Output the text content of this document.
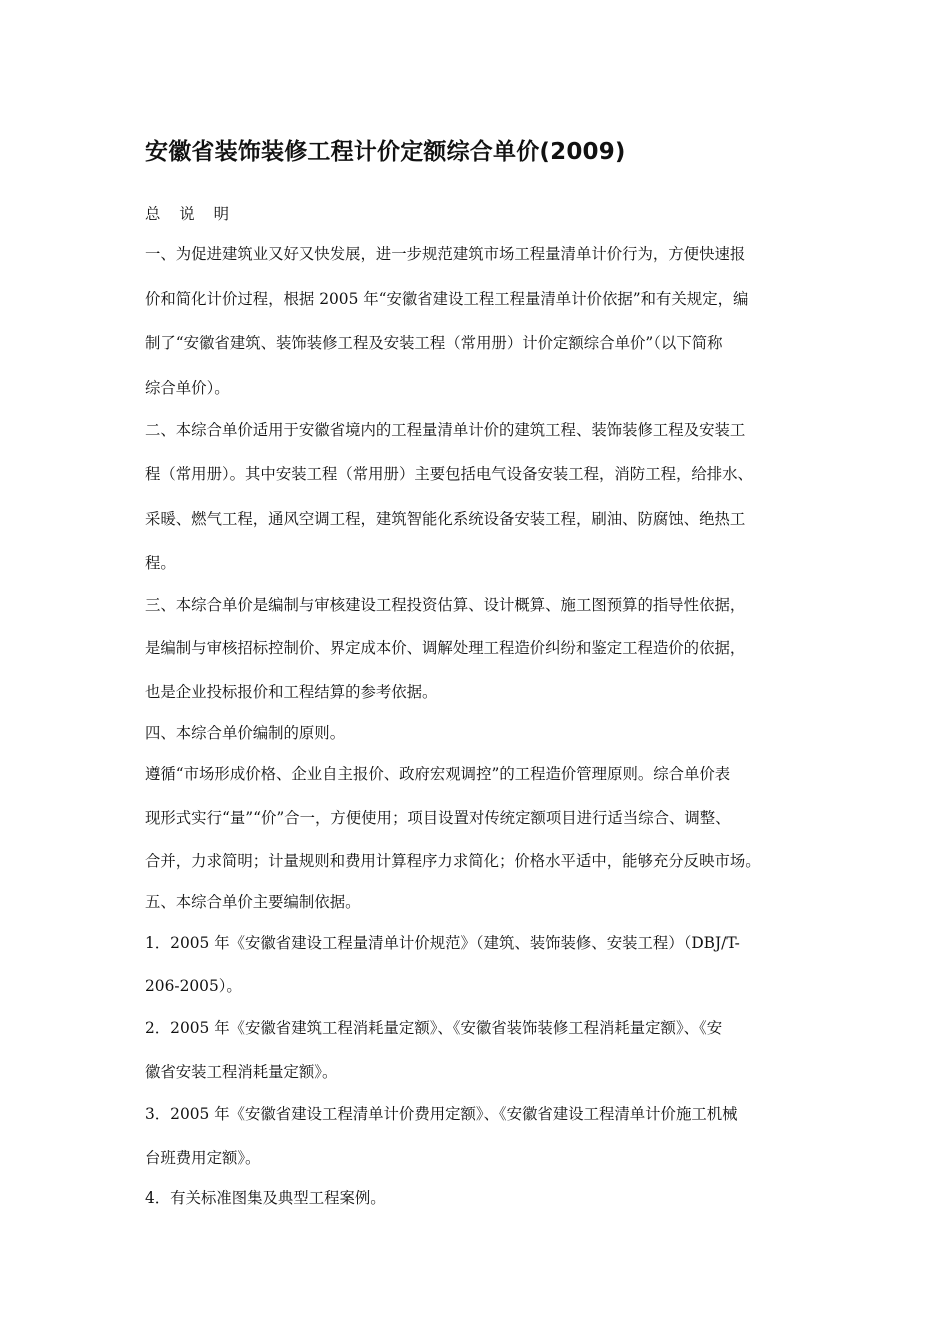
安徽省装饰装修工程计价定额综合单价(2009)
总 说 明
一、为促进建筑业又好又快发展，进一步规范建筑市场工程量清单计价行为，方便快速报
价和简化计价过程，根据 2005 年“安徽省建设工程工程量清单计价依据”和有关规定，编
制了“安徽省建筑、装饰装修工程及安装工程（常用册）计价定额综合单价”（以下简称
综合单价）。
二、本综合单价适用于安徽省境内的工程量清单计价的建筑工程、装饰装修工程及安装工
程（常用册）。其中安装工程（常用册）主要包括电气设备安装工程，消防工程，给排水、
采暖、燃气工程，通风空调工程，建筑智能化系统设备安装工程，刷油、防腐蚀、绝热工
程。
三、本综合单价是编制与审核建设工程投资估算、设计概算、施工图预算的指导性依据，
是编制与审核招标控制价、界定成本价、调解处理工程造价纠纷和鉴定工程造价的依据，
也是企业投标报价和工程结算的参考依据。
四、本综合单价编制的原则。
遵循“市场形成价格、企业自主报价、政府宏观调控”的工程造价管理原则。综合单价表
现形式实行“量”“价”合一，方便使用；项目设置对传统定额项目进行适当综合、调整、
合并，力求简明；计量规则和费用计算程序力求简化；价格水平适中，能够充分反映市场。
五、本综合单价主要编制依据。
1．2005 年《安徽省建设工程量清单计价规范》（建筑、装饰装修、安装工程）（DBJ/T-
206-2005）。
2．2005 年《安徽省建筑工程消耗量定额》、《安徽省装饰装修工程消耗量定额》、《安
徽省安装工程消耗量定额》。
3．2005 年《安徽省建设工程清单计价费用定额》、《安徽省建设工程清单计价施工机械
台班费用定额》。
4．有关标准图集及典型工程案例。
